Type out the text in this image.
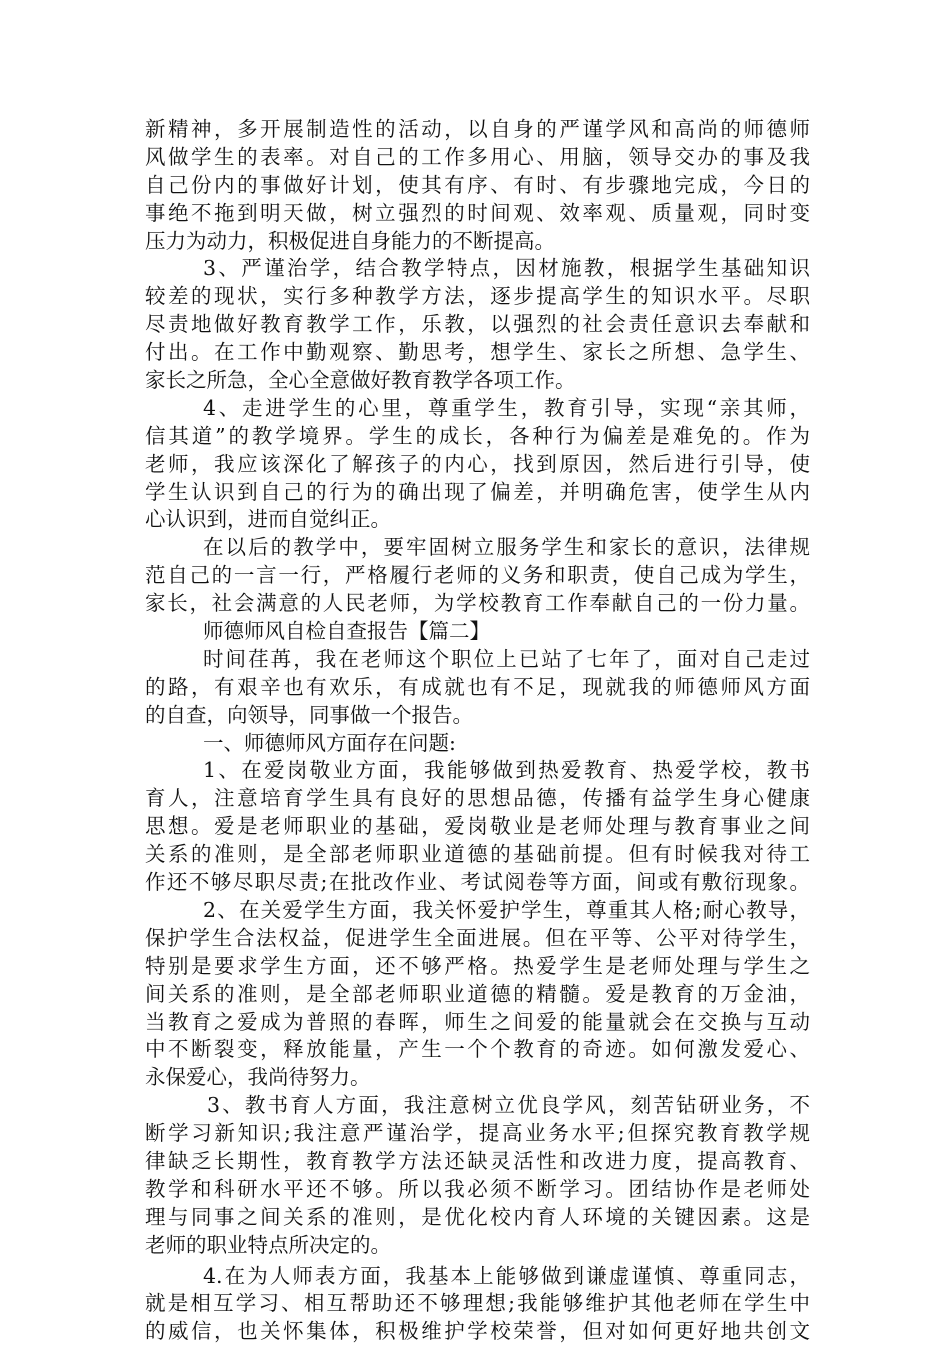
新精神，多开展制造性的活动，以自身的严谨学风和高尚的师德师
风做学生的表率。对自己的工作多用心、用脑，领导交办的事及我
自己份内的事做好计划，使其有序、有时、有步骤地完成，今日的
事绝不拖到明天做，树立强烈的时间观、效率观、质量观，同时变
压力为动力，积极促进自身能力的不断提高。
3、严谨治学，结合教学特点，因材施教，根据学生基础知识
较差的现状，实行多种教学方法，逐步提高学生的知识水平。尽职
尽责地做好教育教学工作，乐教，以强烈的社会责任意识去奉献和
付出。在工作中勤观察、勤思考，想学生、家长之所想、急学生、
家长之所急，全心全意做好教育教学各项工作。
4、走进学生的心里，尊重学生，教育引导，实现“亲其师，
信其道”的教学境界。学生的成长，各种行为偏差是难免的。作为
老师，我应该深化了解孩子的内心，找到原因，然后进行引导，使
学生认识到自己的行为的确出现了偏差，并明确危害，使学生从内
心认识到，进而自觉纠正。
在以后的教学中，要牢固树立服务学生和家长的意识，法律规
范自己的一言一行，严格履行老师的义务和职责，使自己成为学生，
家长，社会满意的人民老师，为学校教育工作奉献自己的一份力量。
师德师风自检自查报告【篇二】
时间荏苒，我在老师这个职位上已站了七年了，面对自己走过
的路，有艰辛也有欢乐，有成就也有不足，现就我的师德师风方面
的自查，向领导，同事做一个报告。
一、师德师风方面存在问题:
1、在爱岗敬业方面，我能够做到热爱教育、热爱学校，教书
育人，注意培育学生具有良好的思想品德，传播有益学生身心健康
思想。爱是老师职业的基础，爱岗敬业是老师处理与教育事业之间
关系的准则，是全部老师职业道德的基础前提。但有时候我对待工
作还不够尽职尽责;在批改作业、考试阅卷等方面，间或有敷衍现象。
2、在关爱学生方面，我关怀爱护学生，尊重其人格;耐心教导，
保护学生合法权益，促进学生全面进展。但在平等、公平对待学生，
特别是要求学生方面，还不够严格。热爱学生是老师处理与学生之
间关系的准则，是全部老师职业道德的精髓。爱是教育的万金油，
当教育之爱成为普照的春晖，师生之间爱的能量就会在交换与互动
中不断裂变，释放能量，产生一个个教育的奇迹。如何激发爱心、
永保爱心，我尚待努力。
3、教书育人方面，我注意树立优良学风，刻苦钻研业务，不
断学习新知识;我注意严谨治学，提高业务水平;但探究教育教学规
律缺乏长期性，教育教学方法还缺灵活性和改进力度，提高教育、
教学和科研水平还不够。所以我必须不断学习。团结协作是老师处
理与同事之间关系的准则，是优化校内育人环境的关键因素。这是
老师的职业特点所决定的。
4.在为人师表方面，我基本上能够做到谦虚谨慎、尊重同志，
就是相互学习、相互帮助还不够理想;我能够维护其他老师在学生中
的威信，也关怀集体，积极维护学校荣誉，但对如何更好地共创文
